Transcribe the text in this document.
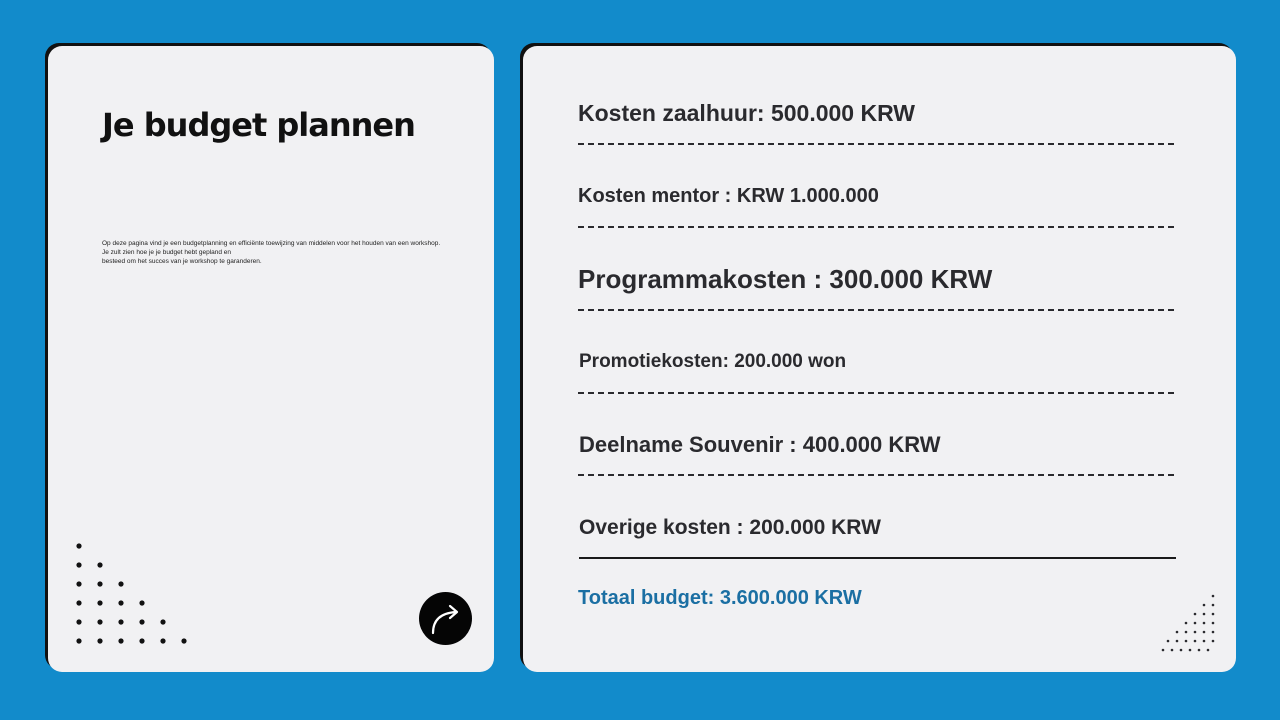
Je budget plannen

Op deze pagina vind je een budgetplanning en efficiënte toewijzing van middelen voor het houden van een workshop.

Je zult zien hoe je je budget hebt gepland en

besteed om het succes van je workshop te garanderen.

Kosten zaalhuur: 500.000 KRW
Kosten mentor : KRW 1.000.000
Programmakosten : 300.000 KRW
Promotiekosten: 200.000 won
Deelname Souvenir : 400.000 KRW
Overige kosten : 200.000 KRW
Totaal budget: 3.600.000 KRW
